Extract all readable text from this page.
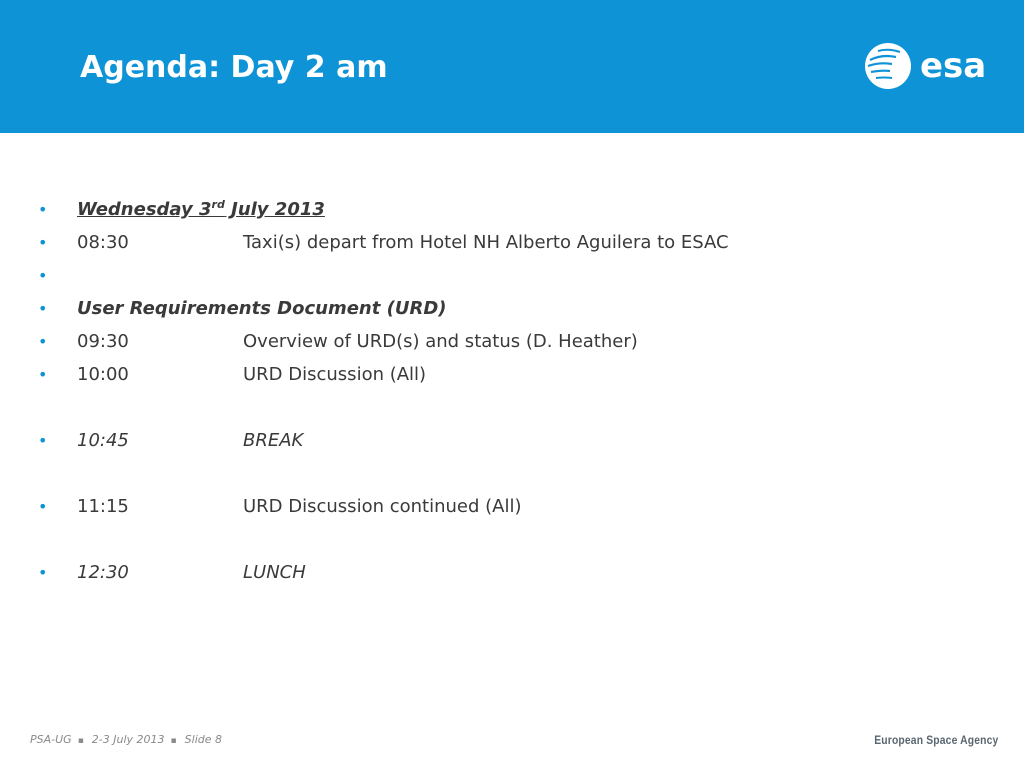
Agenda: Day 2 am	esa
• Wednesday 3rd July 2013
• 08:30	Taxi(s) depart from Hotel NH Alberto Aguilera to ESAC
•
• User Requirements Document (URD)
• 09:30	Overview of URD(s) and status (D. Heather)
• 10:00	URD Discussion (All)
• 10:45	BREAK
• 11:15	URD Discussion continued (All)
• 12:30	LUNCH
PSA-UG ▪ 2-3 July 2013 ▪ Slide 8	European Space Agency
